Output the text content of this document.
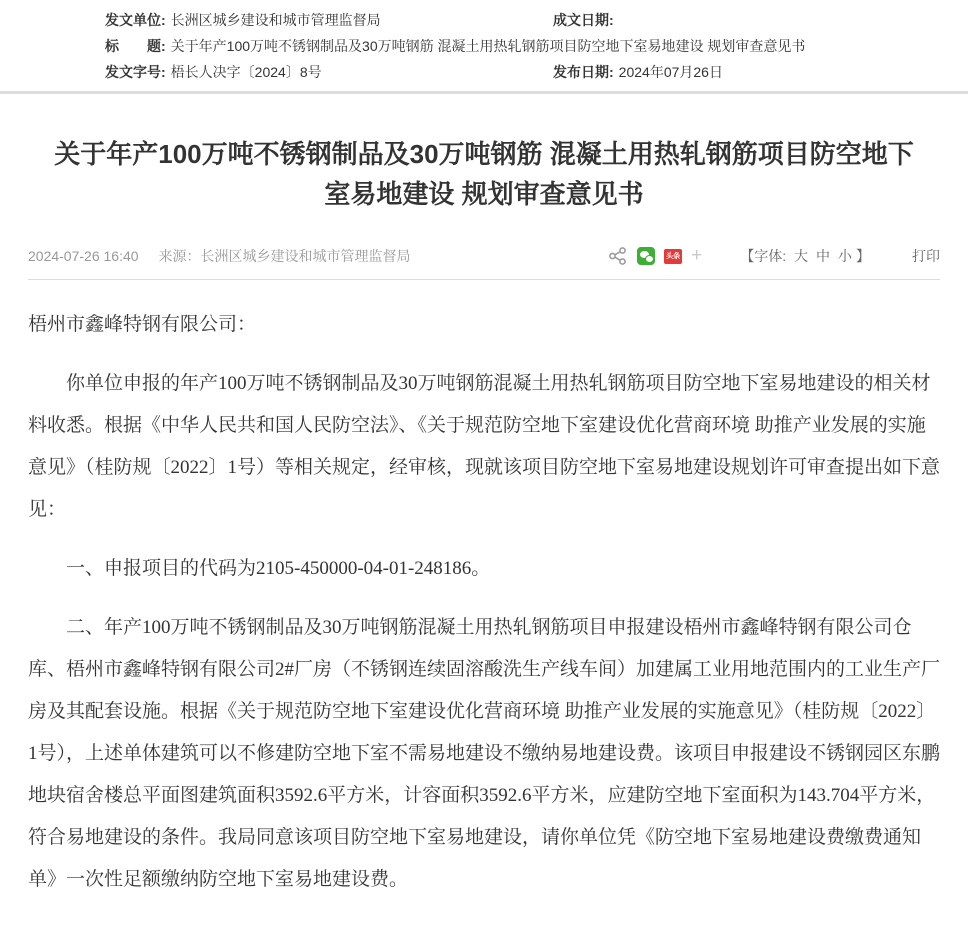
发文单位: 长洲区城乡建设和城市管理监督局	成文日期:
标　　题: 关于年产100万吨不锈钢制品及30万吨钢筋 混凝土用热轧钢筋项目防空地下室易地建设 规划审查意见书
发文字号: 梧长人决字〔2024〕8号	发布日期: 2024年07月26日
关于年产100万吨不锈钢制品及30万吨钢筋 混凝土用热轧钢筋项目防空地下室易地建设 规划审查意见书
2024-07-26 16:40 来源： 长洲区城乡建设和城市管理监督局	头条 +	【字体: 大 中 小 】	打印

梧州市鑫峰特钢有限公司：

你单位申报的年产100万吨不锈钢制品及30万吨钢筋混凝土用热轧钢筋项目防空地下室易地建设的相关材料收悉。根据《中华人民共和国人民防空法》、《关于规范防空地下室建设优化营商环境 助推产业发展的实施意见》（桂防规〔2022〕1号）等相关规定，经审核，现就该项目防空地下室易地建设规划许可审查提出如下意见：

一、申报项目的代码为2105-450000-04-01-248186。

二、年产100万吨不锈钢制品及30万吨钢筋混凝土用热轧钢筋项目申报建设梧州市鑫峰特钢有限公司仓库、梧州市鑫峰特钢有限公司2#厂房（不锈钢连续固溶酸洗生产线车间）加建属工业用地范围内的工业生产厂房及其配套设施。根据《关于规范防空地下室建设优化营商环境 助推产业发展的实施意见》（桂防规〔2022〕1号），上述单体建筑可以不修建防空地下室不需易地建设不缴纳易地建设费。该项目申报建设不锈钢园区东鹏地块宿舍楼总平面图建筑面积3592.6平方米，计容面积3592.6平方米，应建防空地下室面积为143.704平方米，符合易地建设的条件。我局同意该项目防空地下室易地建设，请你单位凭《防空地下室易地建设费缴费通知单》一次性足额缴纳防空地下室易地建设费。
